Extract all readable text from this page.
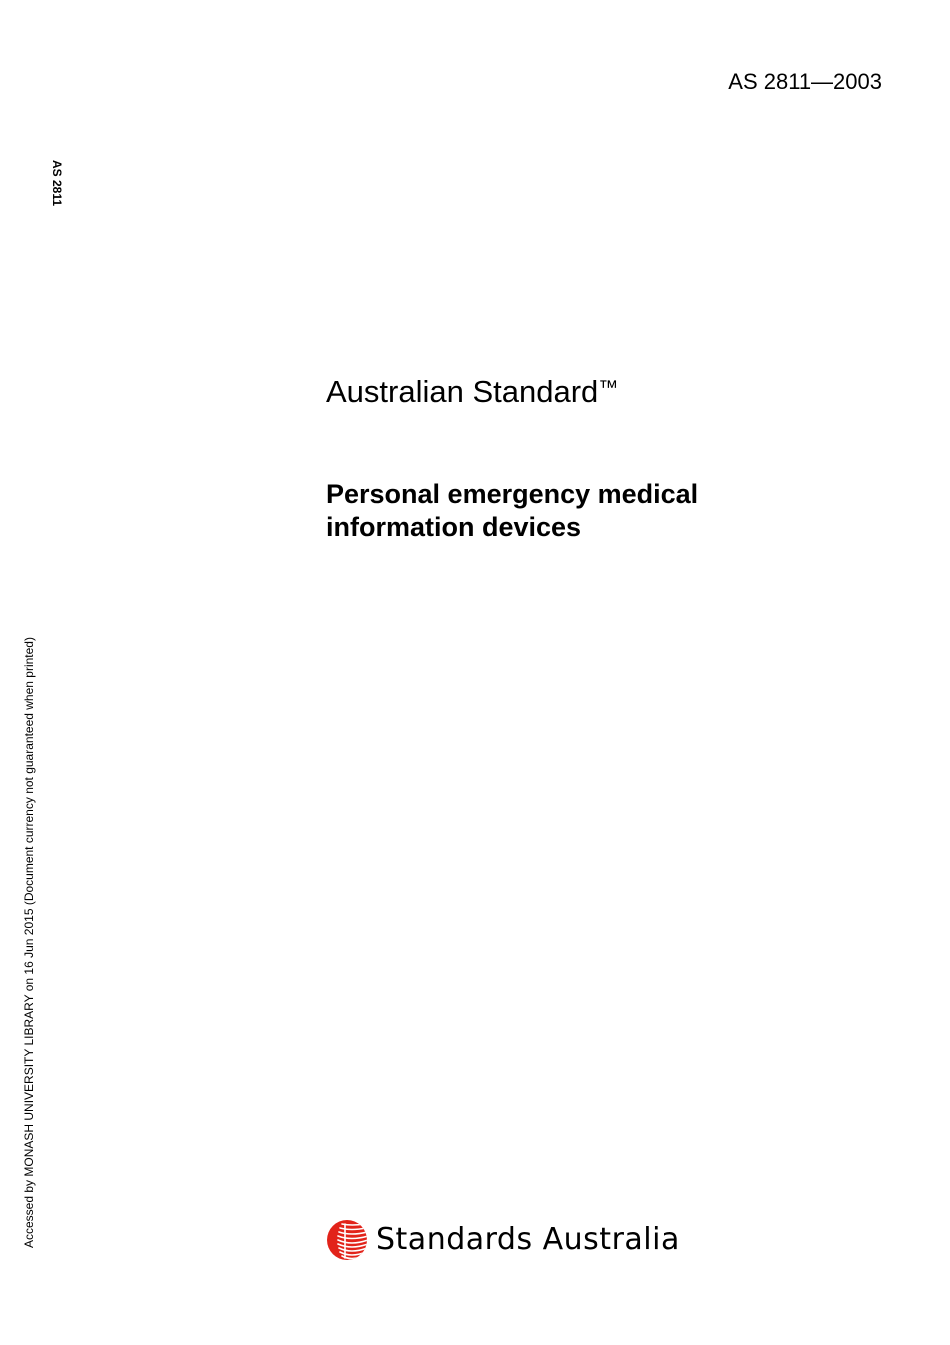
AS 2811—2003
AS 2811
Accessed by MONASH UNIVERSITY LIBRARY on 16 Jun 2015 (Document currency not guaranteed when printed)
Australian Standard™
Personal emergency medical
information devices
Standards Australia
